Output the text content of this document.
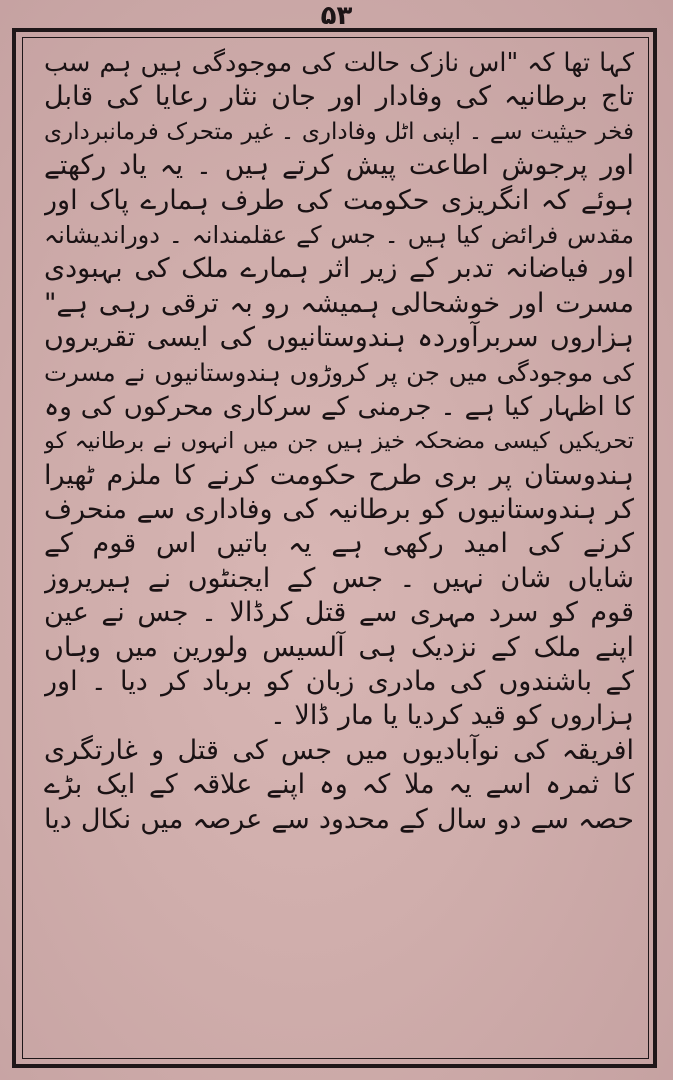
۵۳
کہا تھا کہ "اس نازک حالت کی موجودگی ہیں ہم سب
تاج برطانیہ کی وفادار اور جان نثار رعایا کی قابل
فخر حیثیت سے ۔ اپنی اٹل وفاداری ۔ غیر متحرک فرمانبرداری
اور پرجوش اطاعت پیش کرتے ہیں ۔ یہ یاد رکھتے
ہوئے کہ انگریزی حکومت کی طرف ہمارے پاک اور
مقدس فرائض کیا ہیں ۔ جس کے عقلمندانہ ۔ دوراندیشانہ
اور فیاضانہ تدبر کے زیر اثر ہمارے ملک کی بہبودی
مسرت اور خوشحالی ہمیشہ رو بہ ترقی رہی ہے"
ہزاروں سربرآوردہ ہندوستانیوں کی ایسی تقریروں
کی موجودگی میں جن پر کروڑوں ہندوستانیوں نے مسرت
کا اظہار کیا ہے ۔ جرمنی کے سرکاری محرکوں کی وہ
تحریکیں کیسی مضحکہ خیز ہیں جن میں انہوں نے برطانیہ کو
ہندوستان پر بری طرح حکومت کرنے کا ملزم ٹھیرا
کر ہندوستانیوں کو برطانیہ کی وفاداری سے منحرف
کرنے کی امید رکھی ہے یہ باتیں اس قوم کے
شایاں شان نہیں ۔ جس کے ایجنٹوں نے ہیریروز
قوم کو سرد مہری سے قتل کرڈالا ۔ جس نے عین
اپنے ملک کے نزدیک ہی آلسیس ولورین میں وہاں
کے باشندوں کی مادری زبان کو برباد کر دیا ۔ اور
ہزاروں کو قید کردیا یا مار ڈالا ۔
افریقہ کی نوآبادیوں میں جس کی قتل و غارتگری
کا ثمرہ اسے یہ ملا کہ وہ اپنے علاقہ کے ایک بڑے
حصہ سے دو سال کے محدود سے عرصہ میں نکال دیا
